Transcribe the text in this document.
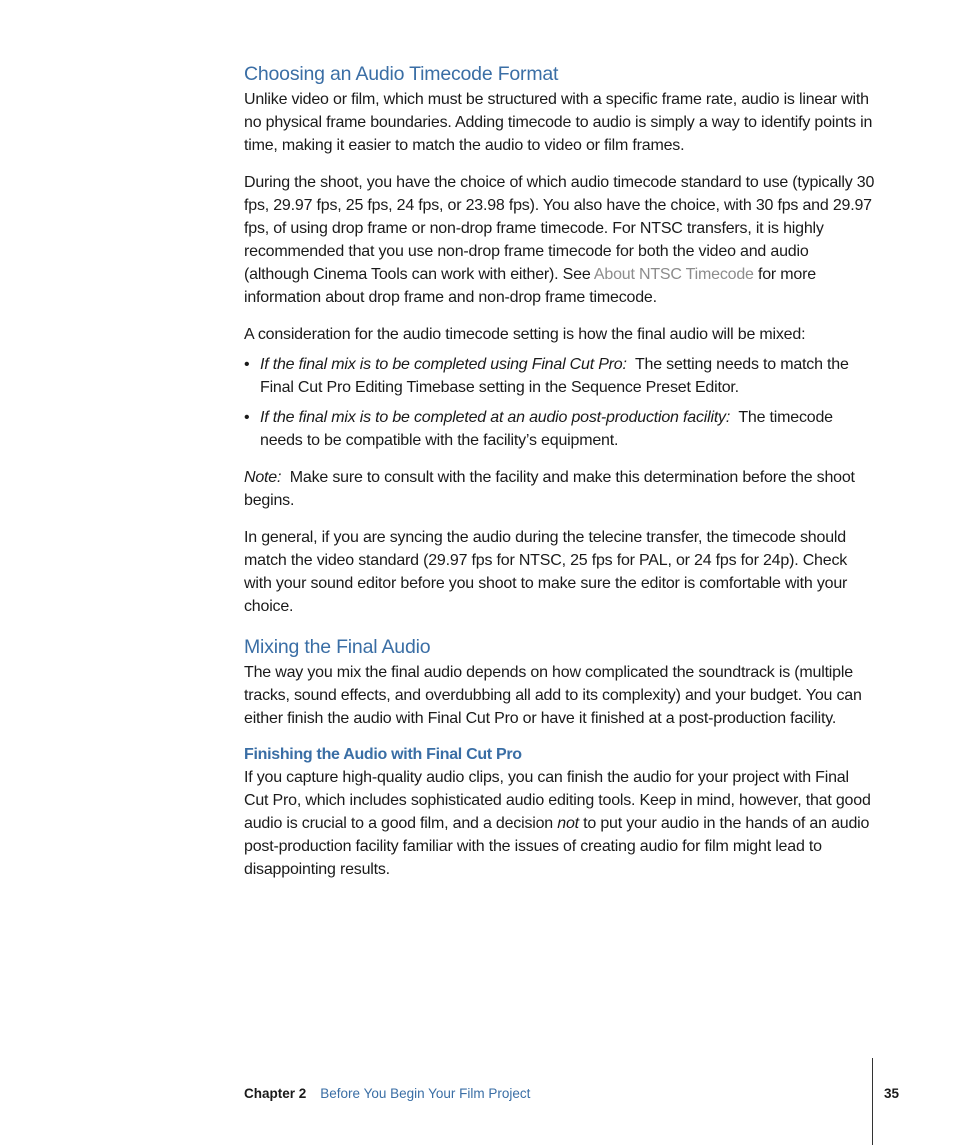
Choosing an Audio Timecode Format

Unlike video or film, which must be structured with a specific frame rate, audio is linear with no physical frame boundaries. Adding timecode to audio is simply a way to identify points in time, making it easier to match the audio to video or film frames.

During the shoot, you have the choice of which audio timecode standard to use (typically 30 fps, 29.97 fps, 25 fps, 24 fps, or 23.98 fps). You also have the choice, with 30 fps and 29.97 fps, of using drop frame or non-drop frame timecode. For NTSC transfers, it is highly recommended that you use non-drop frame timecode for both the video and audio (although Cinema Tools can work with either). See About NTSC Timecode for more information about drop frame and non-drop frame timecode.

A consideration for the audio timecode setting is how the final audio will be mixed:

• If the final mix is to be completed using Final Cut Pro: The setting needs to match the Final Cut Pro Editing Timebase setting in the Sequence Preset Editor.
• If the final mix is to be completed at an audio post-production facility: The timecode needs to be compatible with the facility’s equipment.

Note: Make sure to consult with the facility and make this determination before the shoot begins.

In general, if you are syncing the audio during the telecine transfer, the timecode should match the video standard (29.97 fps for NTSC, 25 fps for PAL, or 24 fps for 24p). Check with your sound editor before you shoot to make sure the editor is comfortable with your choice.

Mixing the Final Audio

The way you mix the final audio depends on how complicated the soundtrack is (multiple tracks, sound effects, and overdubbing all add to its complexity) and your budget. You can either finish the audio with Final Cut Pro or have it finished at a post-production facility.

Finishing the Audio with Final Cut Pro

If you capture high-quality audio clips, you can finish the audio for your project with Final Cut Pro, which includes sophisticated audio editing tools. Keep in mind, however, that good audio is crucial to a good film, and a decision not to put your audio in the hands of an audio post-production facility familiar with the issues of creating audio for film might lead to disappointing results.

Chapter 2 Before You Begin Your Film Project	35
